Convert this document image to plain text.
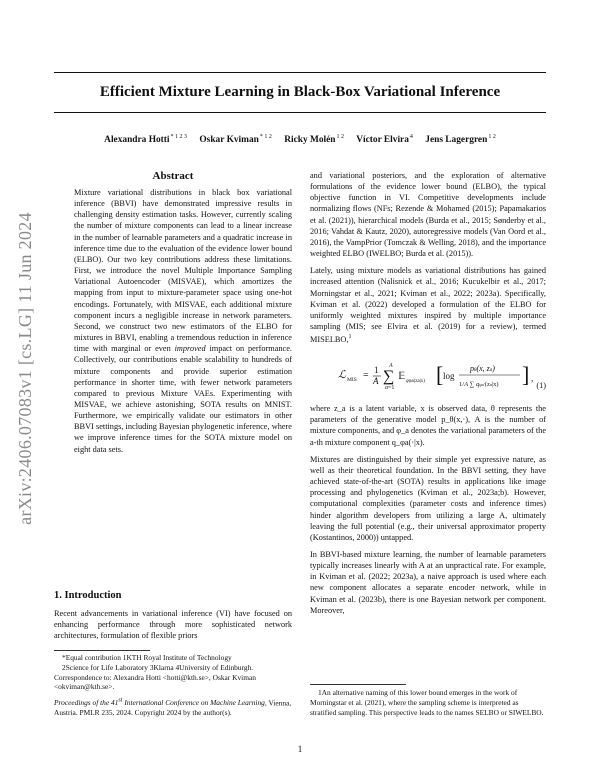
arXiv:2406.07083v1 [cs.LG] 11 Jun 2024
Efficient Mixture Learning in Black-Box Variational Inference
Alexandra Hotti$^{* 1 2 3}$ Oskar Kviman$^{* 1 2}$ Ricky Molén$^{1 2}$ Víctor Elvira$^4$ Jens Lagergren$^{1 2}$
Abstract

Mixture variational distributions in black box variational inference (BBVI) have demonstrated impressive results in challenging density estimation tasks. However, currently scaling the number of mixture components can lead to a linear increase in the number of learnable parameters and a quadratic increase in inference time due to the evaluation of the evidence lower bound (ELBO). Our two key contributions address these limitations. First, we introduce the novel Multiple Importance Sampling Variational Autoencoder (MISVAE), which amortizes the mapping from input to mixture-parameter space using one-hot encodings. Fortunately, with MISVAE, each additional mixture component incurs a negligible increase in network parameters. Second, we construct two new estimators of the ELBO for mixtures in BBVI, enabling a tremendous reduction in inference time with marginal or even improved impact on performance. Collectively, our contributions enable scalability to hundreds of mixture components and provide superior estimation performance in shorter time, with fewer network parameters compared to previous Mixture VAEs. Experimenting with MISVAE, we achieve astonishing, SOTA results on MNIST. Furthermore, we empirically validate our estimators in other BBVI settings, including Bayesian phylogenetic inference, where we improve inference times for the SOTA mixture model on eight data sets.

1. Introduction

Recent advancements in variational inference (VI) have focused on enhancing performance through more sophisticated network architectures, formulation of flexible priors

*Equal contribution 1KTH Royal Institute of Technology

2Science for Life Laboratory 3Klarna 4University of Edinburgh. Correspondence to: Alexandra Hotti <hotti@kth.se>, Oskar Kviman <okviman@kth.se>.

Proceedings of the 41st International Conference on Machine Learning, Vienna, Austria. PMLR 235, 2024. Copyright 2024 by the author(s).

and variational posteriors, and the exploration of alternative formulations of the evidence lower bound (ELBO), the typical objective function in VI. Competitive developments include normalizing flows (NFs; Rezende & Mohamed (2015); Papamakarios et al. (2021)), hierarchical models (Burda et al., 2015; Sønderby et al., 2016; Vahdat & Kautz, 2020), autoregressive models (Van Oord et al., 2016), the VampPrior (Tomczak & Welling, 2018), and the importance weighted ELBO (IWELBO; Burda et al. (2015)).

Lately, using mixture models as variational distributions has gained increased attention (Nalisnick et al., 2016; Kucukelbir et al., 2017; Morningstar et al., 2021; Kviman et al., 2022; 2023a). Specifically, Kviman et al. (2022) developed a formulation of the ELBO for uniformly weighted mixtures inspired by multiple importance sampling (MIS; see Elvira et al. (2019) for a review), termed MISELBO,$^1$

ℒ MIS = 1
A ∑
A
a=1
𝔼 qφa(za|x) [ log
pθ(x, za)
1/A ∑ qφa′(za|x) ] ,
(1)

where z_a is a latent variable, x is observed data, θ represents the parameters of the generative model p_θ(x,·), A is the number of mixture components, and φ_a denotes the variational parameters of the a-th mixture component q_φa(·|x).

Mixtures are distinguished by their simple yet expressive nature, as well as their theoretical foundation. In the BBVI setting, they have achieved state-of-the-art (SOTA) results in applications like image processing and phylogenetics (Kviman et al., 2023a;b). However, computational complexities (parameter costs and inference times) hinder algorithm developers from utilizing a large A, ultimately leaving the full potential (e.g., their universal approximator property (Kostantinos, 2000)) untapped.

In BBVI-based mixture learning, the number of learnable parameters typically increases linearly with A at an unpractical rate. For example, in Kviman et al. (2022; 2023a), a naive approach is used where each new component allocates a separate encoder network, while in Kviman et al. (2023b), there is one Bayesian network per component. Moreover,

1An alternative naming of this lower bound emerges in the work of Morningstar et al. (2021), where the sampling scheme is interpreted as stratified sampling. This perspective leads to the names SELBO or SIWELBO.

1
